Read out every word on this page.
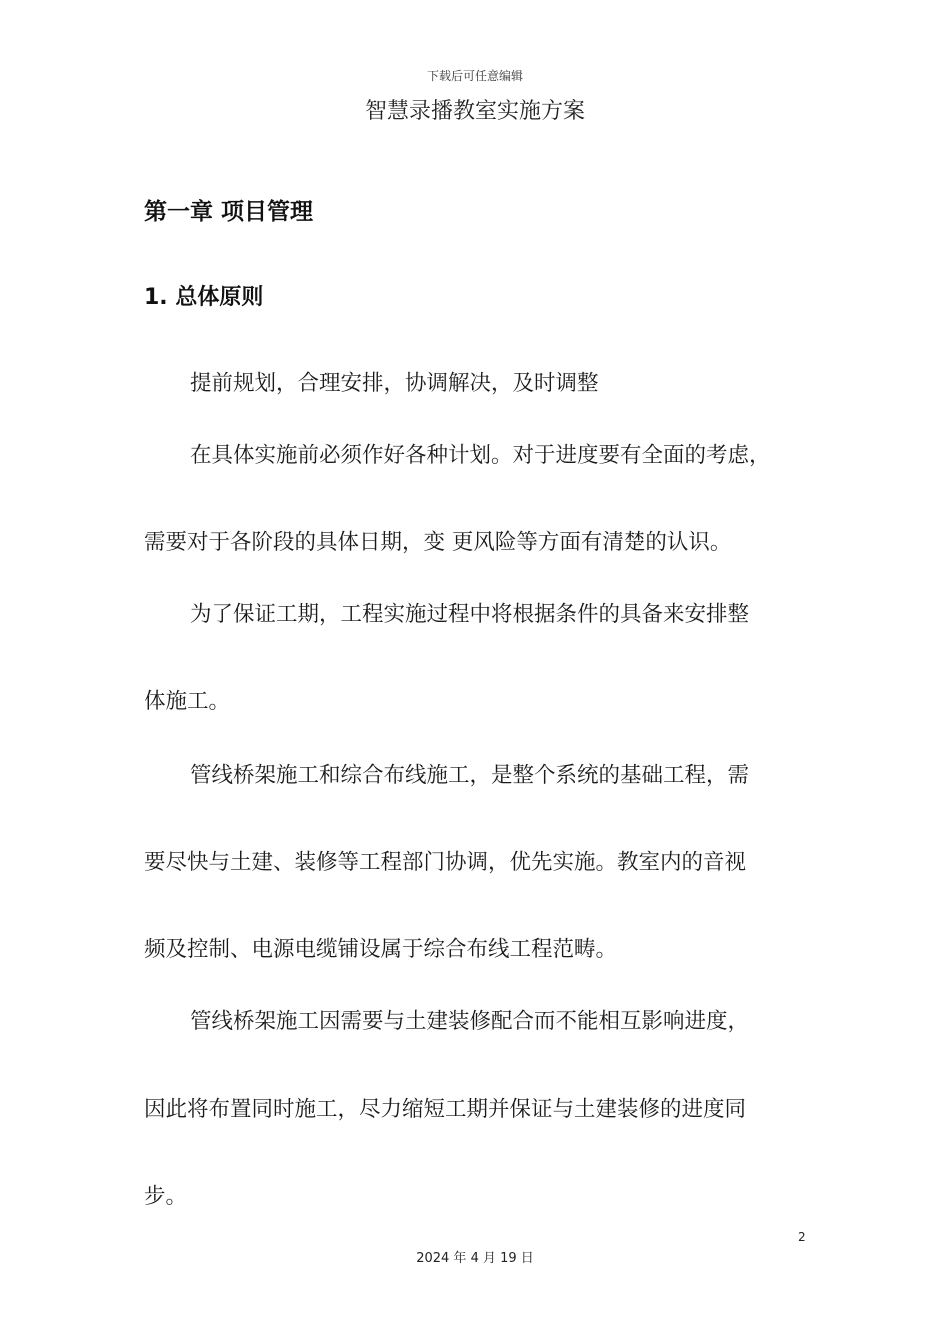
下载后可任意编辑
智慧录播教室实施方案
第一章 项目管理
1. 总体原则
提前规划，合理安排，协调解决，及时调整
在具体实施前必须作好各种计划。对于进度要有全面的考虑，
需要对于各阶段的具体日期，变 更风险等方面有清楚的认识。
为了保证工期，工程实施过程中将根据条件的具备来安排整
体施工。
管线桥架施工和综合布线施工，是整个系统的基础工程，需
要尽快与土建、装修等工程部门协调，优先实施。教室内的音视
频及控制、电源电缆铺设属于综合布线工程范畴。
管线桥架施工因需要与土建装修配合而不能相互影响进度，
因此将布置同时施工，尽力缩短工期并保证与土建装修的进度同
步。
2
2024 年 4 月 19 日
